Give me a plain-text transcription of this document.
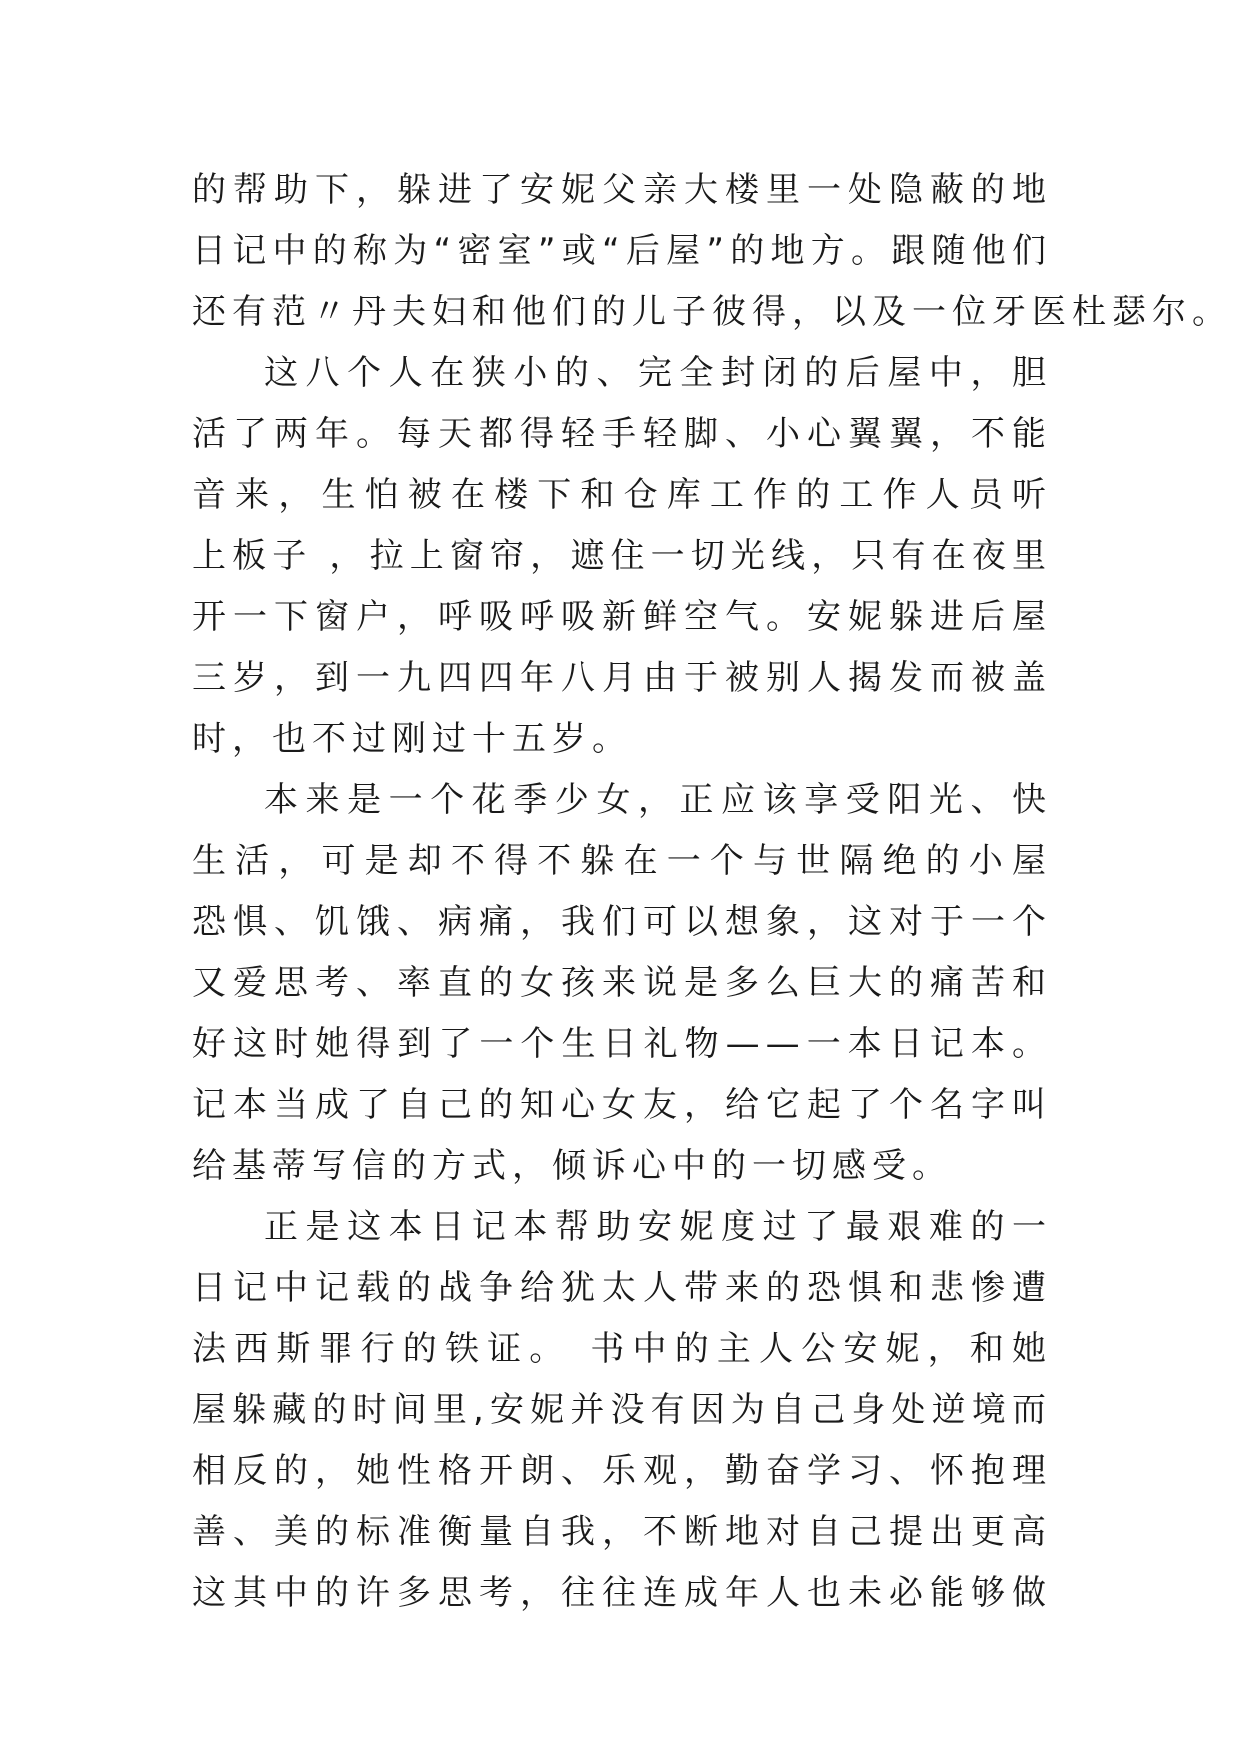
的帮助下，躲进了安妮父亲大楼里一处隐蔽的地
日记中的称为“密室”或“后屋”的地方。跟随他们
还有范〃丹夫妇和他们的儿子彼得，以及一位牙医杜瑟尔。
这八个人在狭小的、完全封闭的后屋中，胆
活了两年。每天都得轻手轻脚、小心翼翼，不能
音来，生怕被在楼下和仓库工作的工作人员听
上板子 ，拉上窗帘，遮住一切光线，只有在夜里
开一下窗户，呼吸呼吸新鲜空气。安妮躲进后屋
三岁，到一九四四年八月由于被别人揭发而被盖
时，也不过刚过十五岁。
本来是一个花季少女，正应该享受阳光、快
生活，可是却不得不躲在一个与世隔绝的小屋
恐惧、饥饿、病痛，我们可以想象，这对于一个
又爱思考、率直的女孩来说是多么巨大的痛苦和
好这时她得到了一个生日礼物——一本日记本。
记本当成了自己的知心女友，给它起了个名字叫
给基蒂写信的方式，倾诉心中的一切感受。
正是这本日记本帮助安妮度过了最艰难的一
日记中记载的战争给犹太人带来的恐惧和悲惨遭
法西斯罪行的铁证。 书中的主人公安妮，和她
屋躲藏的时间里,安妮并没有因为自己身处逆境而
相反的，她性格开朗、乐观，勤奋学习、怀抱理
善、美的标准衡量自我，不断地对自己提出更高
这其中的许多思考，往往连成年人也未必能够做
